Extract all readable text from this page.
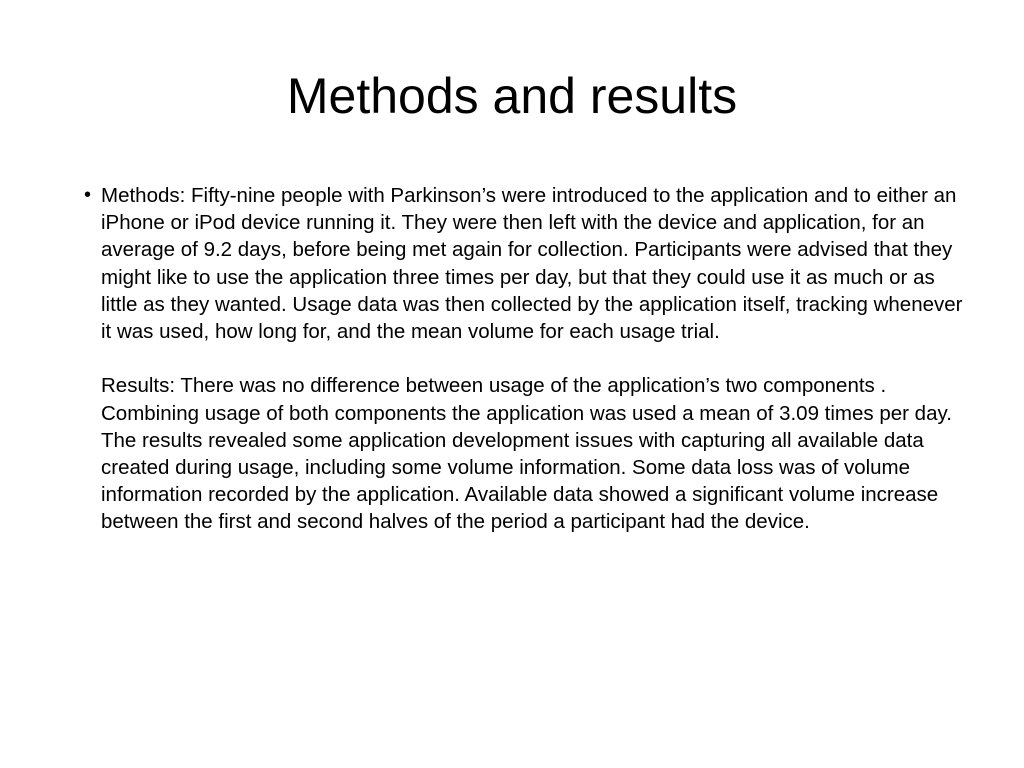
Methods and results
• Methods: Fifty-nine people with Parkinson’s were introduced to the application and to either an iPhone or iPod device running it. They were then left with the device and application, for an average of 9.2 days, before being met again for collection. Participants were advised that they might like to use the application three times per day, but that they could use it as much or as little as they wanted. Usage data was then collected by the application itself, tracking whenever it was used, how long for, and the mean volume for each usage trial.
Results: There was no difference between usage of the application’s two components . Combining usage of both components the application was used a mean of 3.09 times per day. The results revealed some application development issues with capturing all available data created during usage, including some volume information. Some data loss was of volume information recorded by the application. Available data showed a significant volume increase between the first and second halves of the period a participant had the device.
